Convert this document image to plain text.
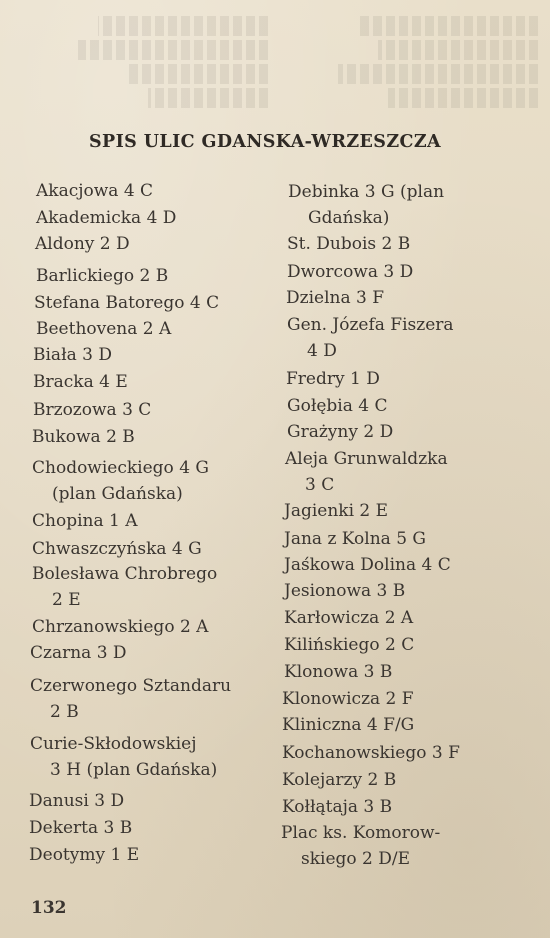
SPIS ULIC GDANSKA-WRZESZCZA
Akacjowa 4 C
Akademicka 4 D
Aldony 2 D
Barlickiego 2 B
Stefana Batorego 4 C
Beethovena 2 A
Biała 3 D
Bracka 4 E
Brzozowa 3 C
Bukowa 2 B
Chodowieckiego 4 G
(plan Gdańska)
Chopina 1 A
Chwaszczyńska 4 G
Bolesława Chrobrego
2 E
Chrzanowskiego 2 A
Czarna 3 D
Czerwonego Sztandaru
2 B
Curie-Skłodowskiej
3 H (plan Gdańska)
Danusi 3 D
Dekerta 3 B
Deotymy 1 E
Debinka 3 G (plan
Gdańska)
St. Dubois 2 B
Dworcowa 3 D
Dzielna 3 F
Gen. Józefa Fiszera
4 D
Fredry 1 D
Gołębia 4 C
Grażyny 2 D
Aleja Grunwaldzka
3 C
Jagienki 2 E
Jana z Kolna 5 G
Jaśkowa Dolina 4 C
Jesionowa 3 B
Karłowicza 2 A
Kilińskiego 2 C
Klonowa 3 B
Klonowicza 2 F
Kliniczna 4 F/G
Kochanowskiego 3 F
Kolejarzy 2 B
Kołłątaja 3 B
Plac ks. Komorow-
skiego 2 D/E
132
